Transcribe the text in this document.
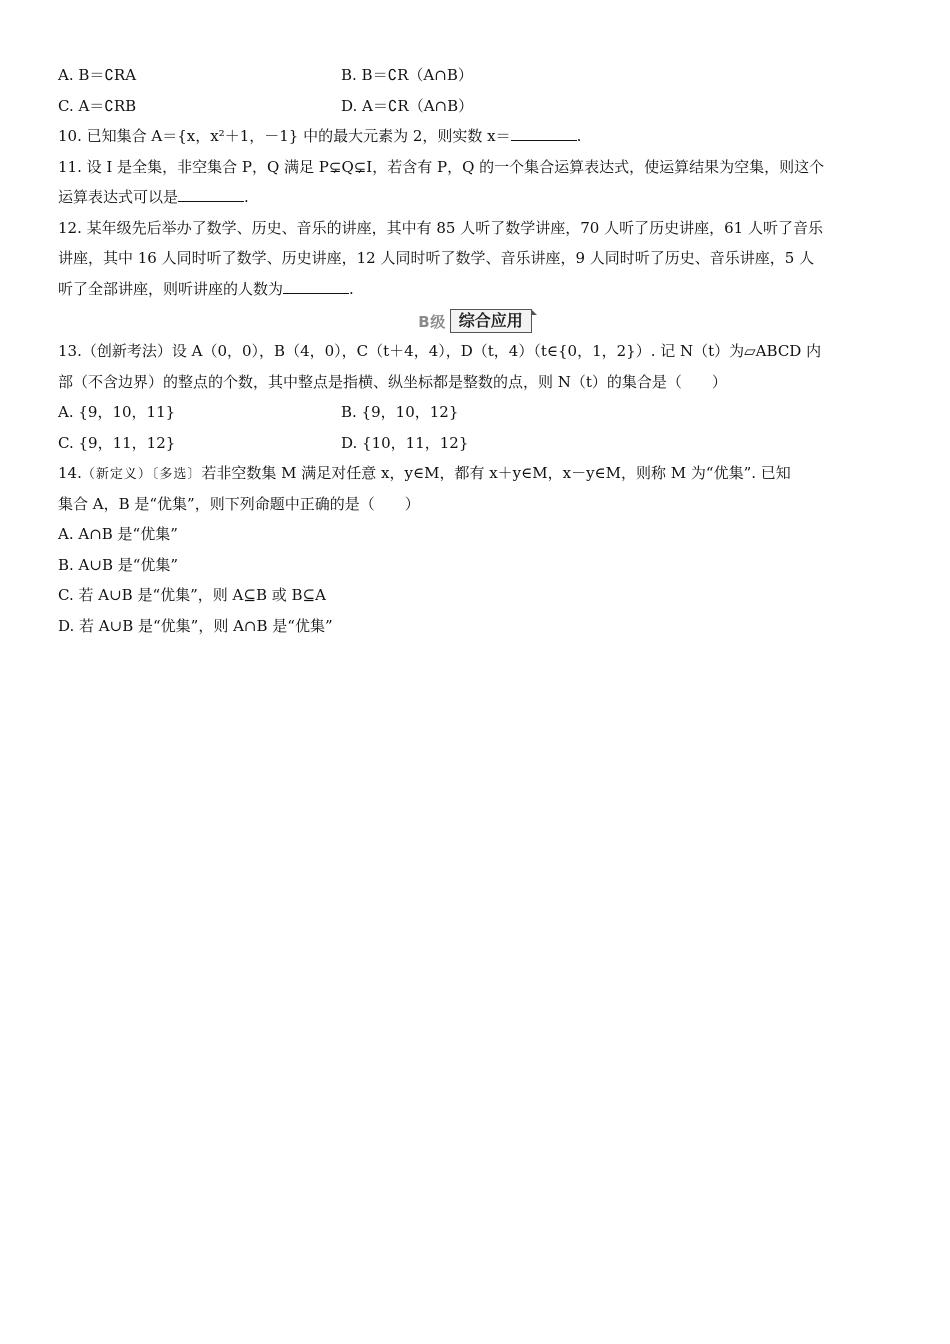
A. B＝∁RA	B. B＝∁R（A∩B）
C. A＝∁RB	D. A＝∁R（A∩B）
10. 已知集合 A＝{x，x²＋1，－1} 中的最大元素为 2，则实数 x＝	.
11. 设 I 是全集，非空集合 P，Q 满足 P⊊Q⊊I，若含有 P，Q 的一个集合运算表达式，使运算结果为空集，则这个
运算表达式可以是	.
12. 某年级先后举办了数学、历史、音乐的讲座，其中有 85 人听了数学讲座，70 人听了历史讲座，61 人听了音乐
讲座，其中 16 人同时听了数学、历史讲座，12 人同时听了数学、音乐讲座，9 人同时听了历史、音乐讲座，5 人
听了全部讲座，则听讲座的人数为	.
B级 综合应用
13.（创新考法）设 A（0，0），B（4，0），C（t＋4，4），D（t，4）（t∈{0，1，2}）. 记 N（t）为▱ABCD 内
部（不含边界）的整点的个数，其中整点是指横、纵坐标都是整数的点，则 N（t）的集合是（　　）
A. {9，10，11}	B. {9，10，12}
C. {9，11，12}	D. {10，11，12}
14.（新定义）〔多选〕若非空数集 M 满足对任意 x，y∈M，都有 x＋y∈M，x－y∈M，则称 M 为“优集”. 已知
集合 A，B 是“优集”，则下列命题中正确的是（　　）
A. A∩B 是“优集”
B. A∪B 是“优集”
C. 若 A∪B 是“优集”，则 A⊆B 或 B⊆A
D. 若 A∪B 是“优集”，则 A∩B 是“优集”
